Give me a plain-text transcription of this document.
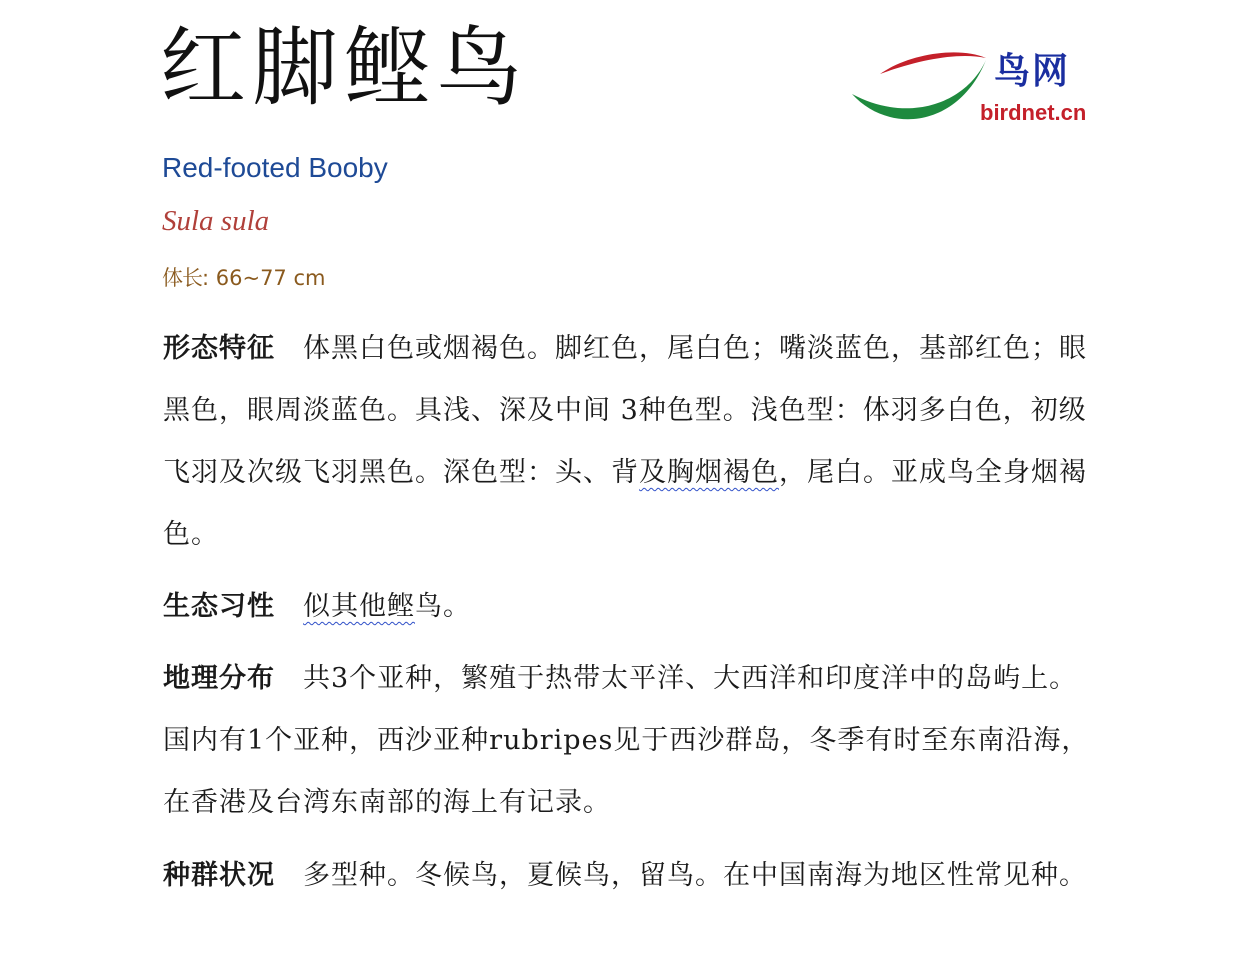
红脚鲣鸟	鸟网
birdnet.cn
Red-footed Booby
Sula sula
体长: 66~77 cm
形态特征 体黑白色或烟褐色。脚红色，尾白色；嘴淡蓝色，基部红色；眼黑色，眼周淡蓝色。具浅、深及中间 3种色型。浅色型：体羽多白色，初级飞羽及次级飞羽黑色。深色型：头、背及胸烟褐色，尾白。亚成鸟全身烟褐色。
生态习性 似其他鲣鸟。
地理分布 共3个亚种，繁殖于热带太平洋、大西洋和印度洋中的岛屿上。国内有1个亚种，西沙亚种rubripes见于西沙群岛，冬季有时至东南沿海，在香港及台湾东南部的海上有记录。
种群状况 多型种。冬候鸟，夏候鸟，留鸟。在中国南海为地区性常见种。
